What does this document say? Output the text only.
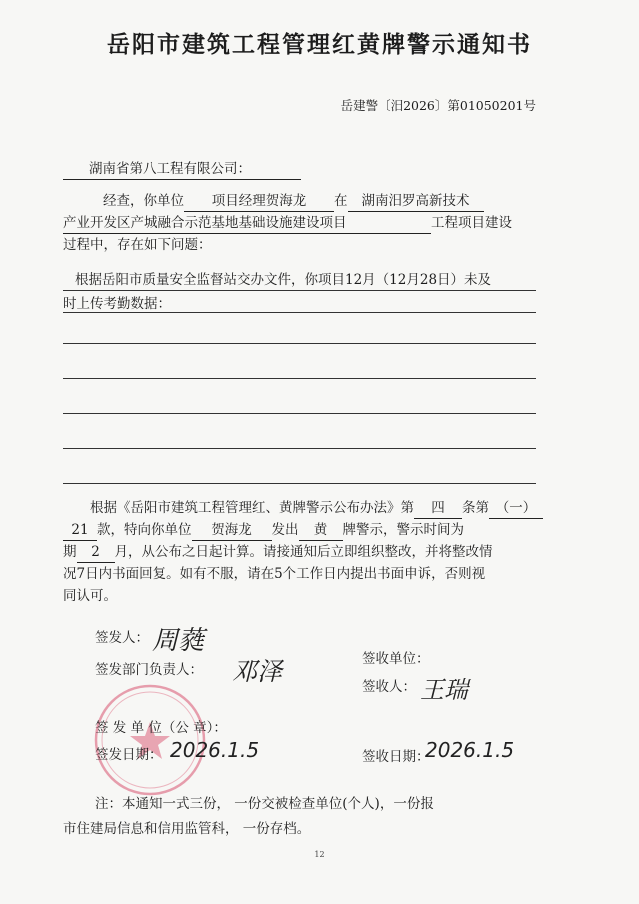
岳阳市建筑工程管理红黄牌警示通知书
岳建警〔汨2026〕第01050201号
湖南省第八工程有限公司：
经查，你单位 项目经理贺海龙 在 湖南汨罗高新技术
产业开发区产城融合示范基地基础设施建设项目	工程项目建设
过程中，存在如下问题：
根据岳阳市质量安全监督站交办文件，你项目12月（12月28日）未及
时上传考勤数据：
根据《岳阳市建筑工程管理红、黄牌警示公布办法》第 四 条第 （一）
21 款，特向你单位 贺海龙 发出 黄 牌警示，警示时间为
期 2 月，从公布之日起计算。请接通知后立即组织整改，并将整改情
况7日内书面回复。如有不服，请在5个工作日内提出书面申诉，否则视
同认可。
签发人： 周蕤
签发部门负责人： 邓泽	签收单位：
签收人： 王瑞
签 发 单 位（公 章）：
签发日期： 2026.1.5	签收日期：
2026.1.5
注：本通知一式三份， 一份交被检查单位(个人)，一份报
市住建局信息和信用监管科， 一份存档。
12
